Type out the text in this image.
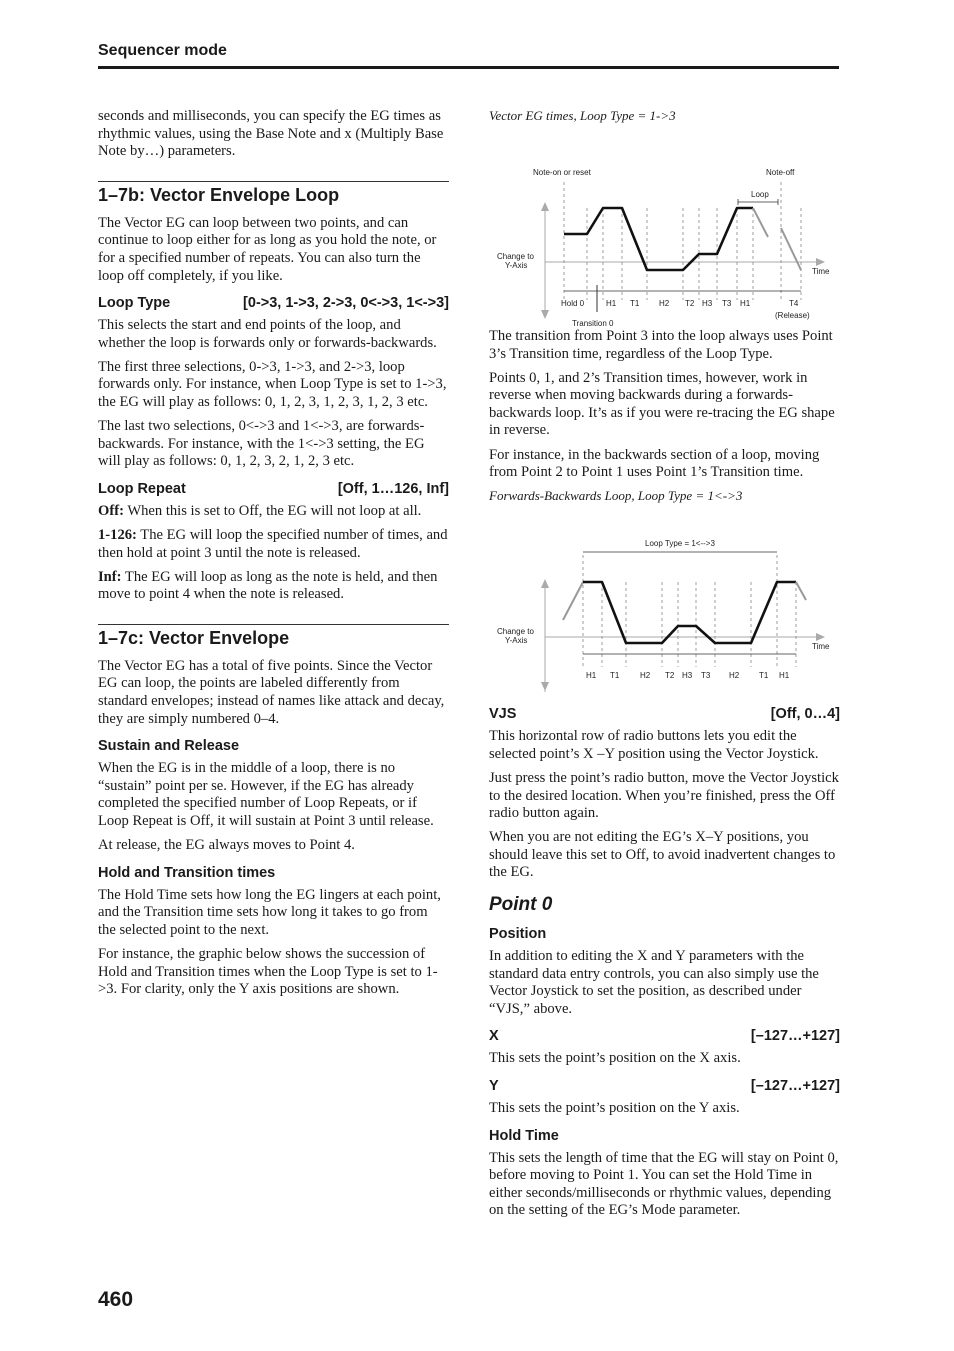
Sequencer mode

seconds and milliseconds, you can specify the EG times as rhythmic values, using the Base Note and x (Multiply Base Note by…) parameters.

1–7b: Vector Envelope Loop

The Vector EG can loop between two points, and can continue to loop either for as long as you hold the note, or for a specified number of repeats. You can also turn the loop off completely, if you like.

Loop Type	[0->3, 1->3, 2->3, 0<->3, 1<->3]

This selects the start and end points of the loop, and whether the loop is forwards only or forwards-backwards.

The first three selections, 0->3, 1->3, and 2->3, loop forwards only. For instance, when Loop Type is set to 1->3, the EG will play as follows: 0, 1, 2, 3, 1, 2, 3, 1, 2, 3 etc.

The last two selections, 0<->3 and 1<->3, are forwards-backwards. For instance, with the 1<->3 setting, the EG will play as follows: 0, 1, 2, 3, 2, 1, 2, 3 etc.

Loop Repeat	[Off, 1…126, Inf]

Off: When this is set to Off, the EG will not loop at all.

1-126: The EG will loop the specified number of times, and then hold at point 3 until the note is released.

Inf: The EG will loop as long as the note is held, and then move to point 4 when the note is released.

1–7c: Vector Envelope

The Vector EG has a total of five points. Since the Vector EG can loop, the points are labeled differently from standard envelopes; instead of names like attack and decay, they are simply numbered 0–4.

Sustain and Release

When the EG is in the middle of a loop, there is no “sustain” point per se. However, if the EG has already completed the specified number of Loop Repeats, or if Loop Repeat is Off, it will sustain at Point 3 until release.

At release, the EG always moves to Point 4.

Hold and Transition times

The Hold Time sets how long the EG lingers at each point, and the Transition time sets how long it takes to go from the selected point to the next.

For instance, the graphic below shows the succession of Hold and Transition times when the Loop Type is set to 1->3. For clarity, only the Y axis positions are shown.

Vector EG times, Loop Type = 1->3
Note-on or reset	Note-off
Loop
Change to
Y-Axis
Time
Hold 0
Transition 0
H1 T1 H2 T2 H3 T3 H1	T4
(Release)

The transition from Point 3 into the loop always uses Point 3’s Transition time, regardless of the Loop Type.

Points 0, 1, and 2’s Transition times, however, work in reverse when moving backwards during a forwards-backwards loop. It’s as if you were re-tracing the EG shape in reverse.

For instance, in the backwards section of a loop, moving from Point 2 to Point 1 uses Point 1’s Transition time.

Forwards-Backwards Loop, Loop Type = 1<->3
Loop Type = 1<-->3
Change to
Y-Axis
Time
H1 T1	H2 T2 H3 T3 H2 T1 H1
VJS	[Off, 0…4]

This horizontal row of radio buttons lets you edit the selected point’s X –Y position using the Vector Joystick.

Just press the point’s radio button, move the Vector Joystick to the desired location. When you’re finished, press the Off radio button again.

When you are not editing the EG’s X–Y positions, you should leave this set to Off, to avoid inadvertent changes to the EG.

Point 0
Position

In addition to editing the X and Y parameters with the standard data entry controls, you can also simply use the Vector Joystick to set the position, as described under “VJS,” above.

X	[–127…+127]

This sets the point’s position on the X axis.

Y	[–127…+127]

This sets the point’s position on the Y axis.

Hold Time

This sets the length of time that the EG will stay on Point 0, before moving to Point 1. You can set the Hold Time in either seconds/milliseconds or rhythmic values, depending on the setting of the EG’s Mode parameter.

460
